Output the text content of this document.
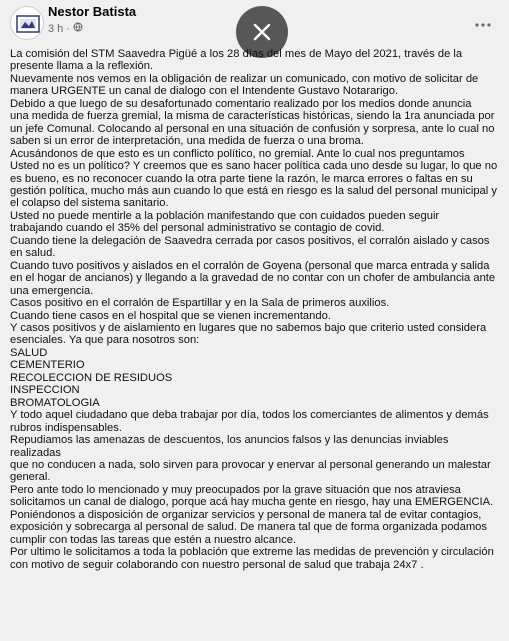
Nestor Batista
3 h ·

La comisión del STM Saavedra Pigüé a los 28 días del mes de Mayo del 2021, través de la

presente llama a la reflexión.

Nuevamente nos vemos en la obligación de realizar un comunicado, con motivo de solicitar de

manera URGENTE un canal de dialogo con el Intendente Gustavo Notararigo.

Debido a que luego de su desafortunado comentario realizado por los medios donde anuncia

una medida de fuerza gremial, la misma de características históricas, siendo la 1ra anunciada por

un jefe Comunal. Colocando al personal en una situación de confusión y sorpresa, ante lo cual no

saben si un error de interpretación, una medida de fuerza o una broma.

Acusándonos de que esto es un conflicto político, no gremial. Ante lo cual nos preguntamos

Usted no es un político? Y creemos que es sano hacer política cada uno desde su lugar, lo que no

es bueno, es no reconocer cuando la otra parte tiene la razón, le marca errores o faltas en su

gestión política, mucho más aun cuando lo que está en riesgo es la salud del personal municipal y

el colapso del sistema sanitario.

Usted no puede mentirle a la población manifestando que con cuidados pueden seguir

trabajando cuando el 35% del personal administrativo se contagio de covid.

Cuando tiene la delegación de Saavedra cerrada por casos positivos, el corralón aislado y casos

en salud.

Cuando tuvo positivos y aislados en el corralón de Goyena (personal que marca entrada y salida

en el hogar de ancianos) y llegando a la gravedad de no contar con un chofer de ambulancia ante

una emergencia.

Casos positivo en el corralón de Espartillar y en la Sala de primeros auxilios.

Cuando tiene casos en el hospital que se vienen incrementando.

Y casos positivos y de aislamiento en lugares que no sabemos bajo que criterio usted considera

esenciales. Ya que para nosotros son:

SALUD

CEMENTERIO

RECOLECCION DE RESIDUOS

INSPECCION

BROMATOLOGIA

Y todo aquel ciudadano que deba trabajar por día, todos los comerciantes de alimentos y demás

rubros indispensables.

Repudiamos las amenazas de descuentos, los anuncios falsos y las denuncias inviables realizadas

que no conducen a nada, solo sirven para provocar y enervar al personal generando un malestar

general.

Pero ante todo lo mencionado y muy preocupados por la grave situación que nos atraviesa

solicitamos un canal de dialogo, porque acá hay mucha gente en riesgo, hay una EMERGENCIA.

Poniéndonos a disposición de organizar servicios y personal de manera tal de evitar contagios,

exposición y sobrecarga al personal de salud. De manera tal que de forma organizada podamos

cumplir con todas las tareas que estén a nuestro alcance.

Por ultimo le solicitamos a toda la población que extreme las medidas de prevención y circulación

con motivo de seguir colaborando con nuestro personal de salud que trabaja 24x7 .
